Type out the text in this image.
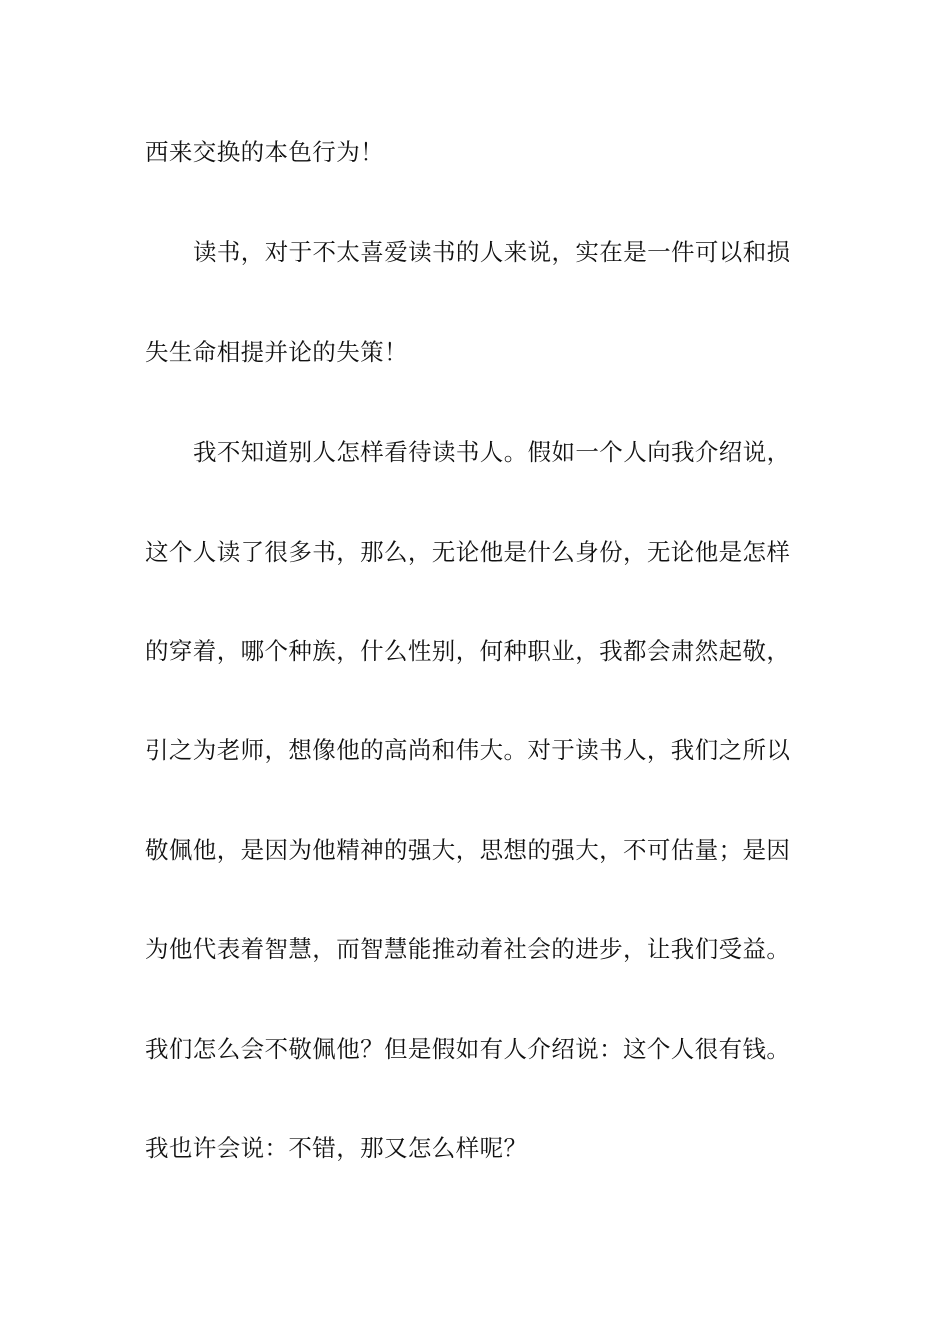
西来交换的本色行为！
读书，对于不太喜爱读书的人来说，实在是一件可以和损
失生命相提并论的失策！
我不知道别人怎样看待读书人。假如一个人向我介绍说，
这个人读了很多书，那么，无论他是什么身份，无论他是怎样
的穿着，哪个种族，什么性别，何种职业，我都会肃然起敬，
引之为老师，想像他的高尚和伟大。对于读书人，我们之所以
敬佩他，是因为他精神的强大，思想的强大，不可估量；是因
为他代表着智慧，而智慧能推动着社会的进步，让我们受益。
我们怎么会不敬佩他？但是假如有人介绍说：这个人很有钱。
我也许会说：不错，那又怎么样呢？
